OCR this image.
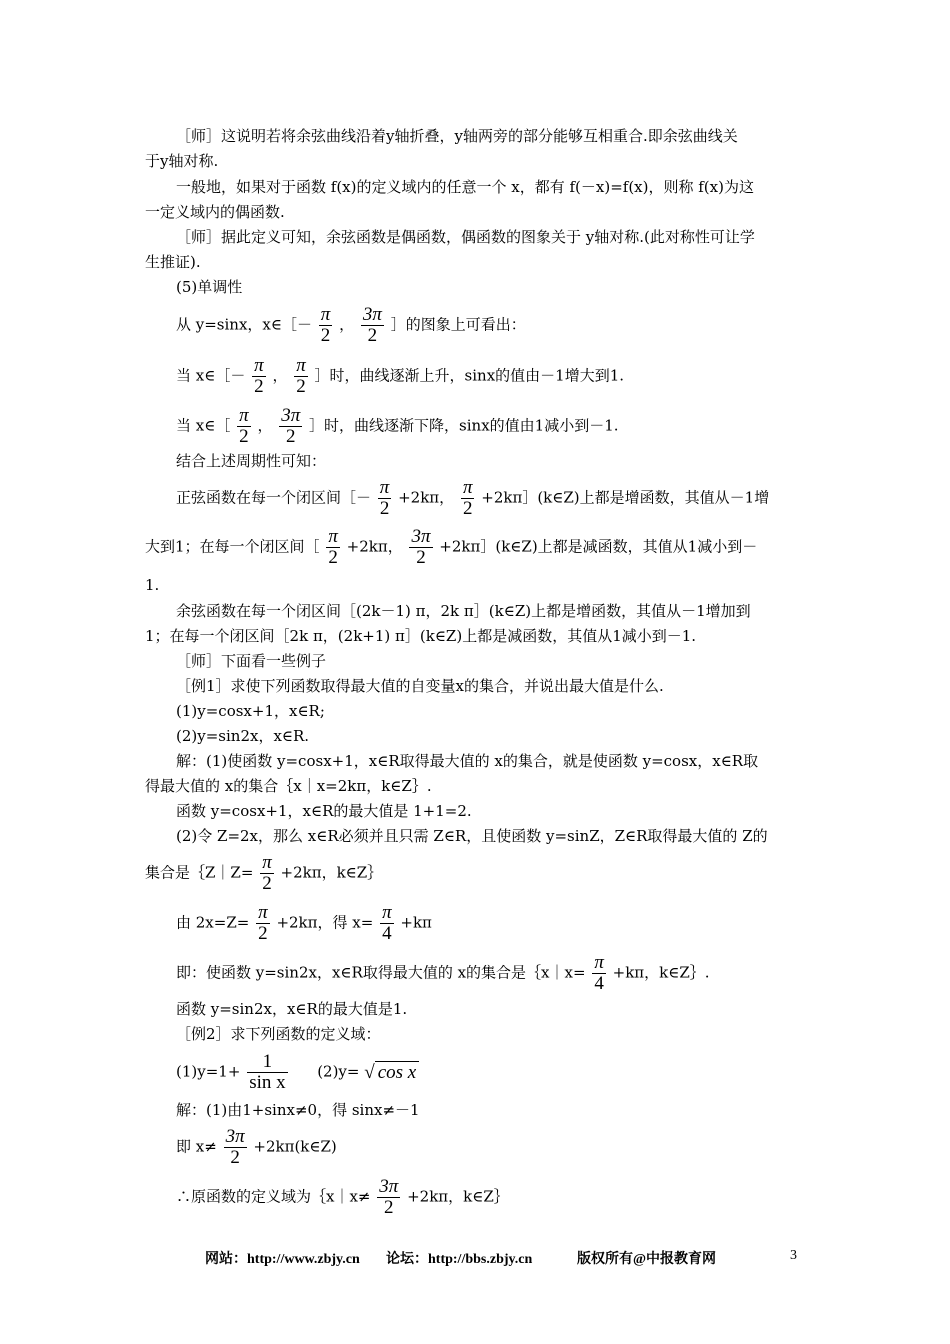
［师］这说明若将余弦曲线沿着y轴折叠，y轴两旁的部分能够互相重合.即余弦曲线关
于y轴对称.
一般地，如果对于函数 f(x)的定义域内的任意一个 x，都有 f(－x)=f(x)，则称 f(x)为这
一定义域内的偶函数.
［师］据此定义可知，余弦函数是偶函数，偶函数的图象关于 y轴对称.(此对称性可让学
生推证).
(5)单调性
从 y=sinx，x∈［－ $\frac{\pi}{2}$ ， $\frac{3\pi}{2}$ ］的图象上可看出：
当 x∈［－ $\frac{\pi}{2}$ ， $\frac{\pi}{2}$ ］时，曲线逐渐上升，sinx的值由－1增大到1.
当 x∈［ $\frac{\pi}{2}$ ， $\frac{3\pi}{2}$ ］时，曲线逐渐下降，sinx的值由1减小到－1.
结合上述周期性可知：
正弦函数在每一个闭区间［－ $\frac{\pi}{2} +2k\pi$， $\frac{\pi}{2}$ +2kπ］(k∈Z)上都是增函数，其值从－1增
大到1；在每一个闭区间［ $\frac{\pi}{2} +2k\pi$， $\frac{3\pi}{2}$ +2kπ］(k∈Z)上都是减函数，其值从1减小到－
1.
余弦函数在每一个闭区间［(2k－1) π，2k π］(k∈Z)上都是增函数，其值从－1增加到
1；在每一个闭区间［2k π，(2k+1) π］(k∈Z)上都是减函数，其值从1减小到－1.
［师］下面看一些例子
［例1］求使下列函数取得最大值的自变量x的集合，并说出最大值是什么.
(1)y=cosx+1，x∈R;
(2)y=sin2x，x∈R.
解：(1)使函数 y=cosx+1，x∈R取得最大值的 x的集合，就是使函数 y=cosx，x∈R取
得最大值的 x的集合｛x｜x=2kπ，k∈Z｝.
函数 y=cosx+1，x∈R的最大值是 1+1=2.
(2)令 Z=2x，那么 x∈R必须并且只需 Z∈R，且使函数 y=sinZ，Z∈R取得最大值的 Z的
集合是｛Z｜Z= $\frac{\pi}{2} +2k\pi$，k∈Z｝
由 $2x=Z= \frac{\pi}{2} +2k\pi$，得 $x= \frac{\pi}{4} +k\pi$
即：使函数 y=sin2x，x∈R取得最大值的 x的集合是｛x｜x= $\frac{\pi}{4} +k\pi$，k∈Z｝.
函数 y=sin2x，x∈R的最大值是1.
［例2］求下列函数的定义域：
$(1)y=1+ \frac{1}{\text{sin x}} (2)y=$ √ cos x
解：(1)由1+sinx≠0，得 sinx≠－1
即 $x\ne \frac{3\pi}{2}$ +2kπ(k∈Z)
∴原函数的定义域为｛x｜x≠ $\frac{3\pi}{2} +2k\pi$，k∈Z｝
网站：http://www.zbjy.cn 论坛：http://bbs.zbjy.cn	版权所有@中报教育网	3
